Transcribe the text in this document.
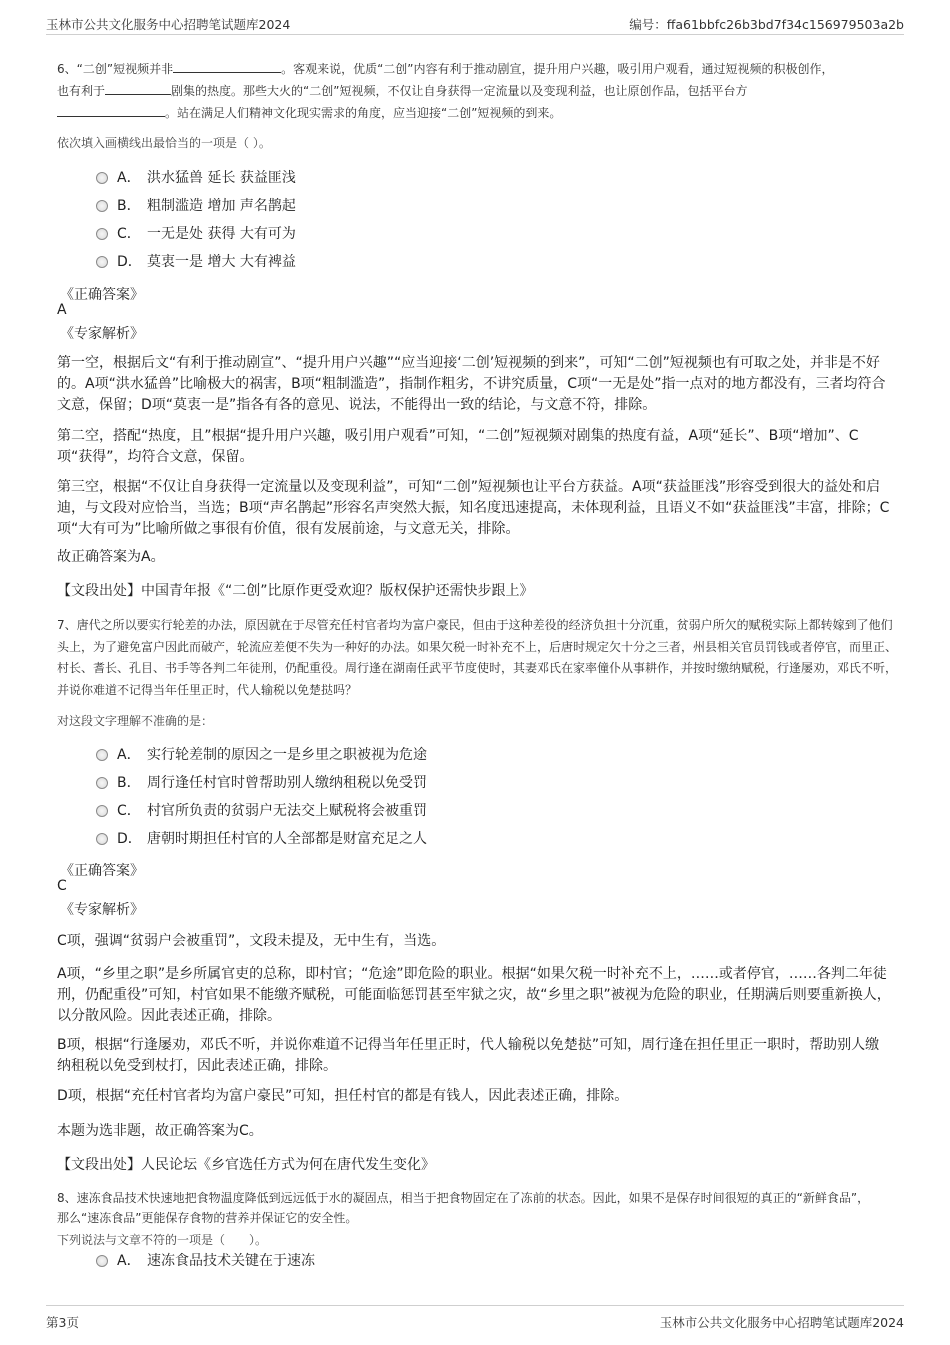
玉林市公共文化服务中心招聘笔试题库2024	编号：ffa61bbfc26b3bd7f34c156979503a2b
6、“二创”短视频并非	。客观来说，优质“二创”内容有利于推动剧宣，提升用户兴趣，吸引用户观看，通过短视频的积极创作，
也有利于	剧集的热度。那些大火的“二创”短视频，不仅让自身获得一定流量以及变现利益，也让原创作品，包括平台方
。站在满足人们精神文化现实需求的角度，应当迎接“二创”短视频的到来。
依次填入画横线出最恰当的一项是（ ）。
A． 洪水猛兽 延长 获益匪浅
B． 粗制滥造 增加 声名鹊起
C． 一无是处 获得 大有可为
D． 莫衷一是 增大 大有裨益
《正确答案》
A
《专家解析》
第一空，根据后文“有利于推动剧宣”、“提升用户兴趣”“应当迎接‘二创’短视频的到来”，可知“二创”短视频也有可取之处，并非是不好的。A项“洪水猛兽”比喻极大的祸害，B项“粗制滥造”，指制作粗劣，不讲究质量，C项“一无是处”指一点对的地方都没有，三者均符合文意，保留；D项“莫衷一是”指各有各的意见、说法，不能得出一致的结论，与文意不符，排除。
第二空，搭配“热度，且”根据“提升用户兴趣，吸引用户观看”可知，“二创”短视频对剧集的热度有益，A项“延长”、B项“增加”、C项“获得”，均符合文意，保留。
第三空，根据“不仅让自身获得一定流量以及变现利益”，可知“二创”短视频也让平台方获益。A项“获益匪浅”形容受到很大的益处和启迪，与文段对应恰当，当选；B项“声名鹊起”形容名声突然大振，知名度迅速提高，未体现利益，且语义不如“获益匪浅”丰富，排除；C项“大有可为”比喻所做之事很有价值，很有发展前途，与文意无关，排除。
故正确答案为A。
【文段出处】中国青年报《“二创”比原作更受欢迎？版权保护还需快步跟上》
7、唐代之所以要实行轮差的办法，原因就在于尽管充任村官者均为富户豪民，但由于这种差役的经济负担十分沉重，贫弱户所欠的赋税实际上都转嫁到了他们头上，为了避免富户因此而破产，轮流应差便不失为一种好的办法。如果欠税一时补充不上，后唐时规定欠十分之三者，州县相关官员罚钱或者停官，而里正、村长、耆长、孔目、书手等各判二年徒刑，仍配重役。周行逢在湖南任武平节度使时，其妻邓氏在家率僮仆从事耕作，并按时缴纳赋税，行逢屡劝，邓氏不听，并说你难道不记得当年任里正时，代人输税以免楚挞吗？
对这段文字理解不准确的是：
A． 实行轮差制的原因之一是乡里之职被视为危途
B． 周行逢任村官时曾帮助别人缴纳租税以免受罚
C． 村官所负责的贫弱户无法交上赋税将会被重罚
D． 唐朝时期担任村官的人全部都是财富充足之人
《正确答案》
C
《专家解析》
C项，强调“贫弱户会被重罚”，文段未提及，无中生有，当选。
A项，“乡里之职”是乡所属官吏的总称，即村官；“危途”即危险的职业。根据“如果欠税一时补充不上，……或者停官，……各判二年徒刑，仍配重役”可知，村官如果不能缴齐赋税，可能面临惩罚甚至牢狱之灾，故“乡里之职”被视为危险的职业，任期满后则要重新换人，以分散风险。因此表述正确，排除。
B项，根据“行逢屡劝，邓氏不听，并说你难道不记得当年任里正时，代人输税以免楚挞”可知，周行逢在担任里正一职时，帮助别人缴纳租税以免受到杖打，因此表述正确，排除。
D项，根据“充任村官者均为富户豪民”可知，担任村官的都是有钱人，因此表述正确，排除。
本题为选非题，故正确答案为C。
【文段出处】人民论坛《乡官选任方式为何在唐代发生变化》
8、速冻食品技术快速地把食物温度降低到远远低于水的凝固点，相当于把食物固定在了冻前的状态。因此，如果不是保存时间很短的真正的“新鲜食品”，那么“速冻食品”更能保存食物的营养并保证它的安全性。
下列说法与文章不符的一项是（　　）。
A． 速冻食品技术关键在于速冻
第3页	玉林市公共文化服务中心招聘笔试题库2024
